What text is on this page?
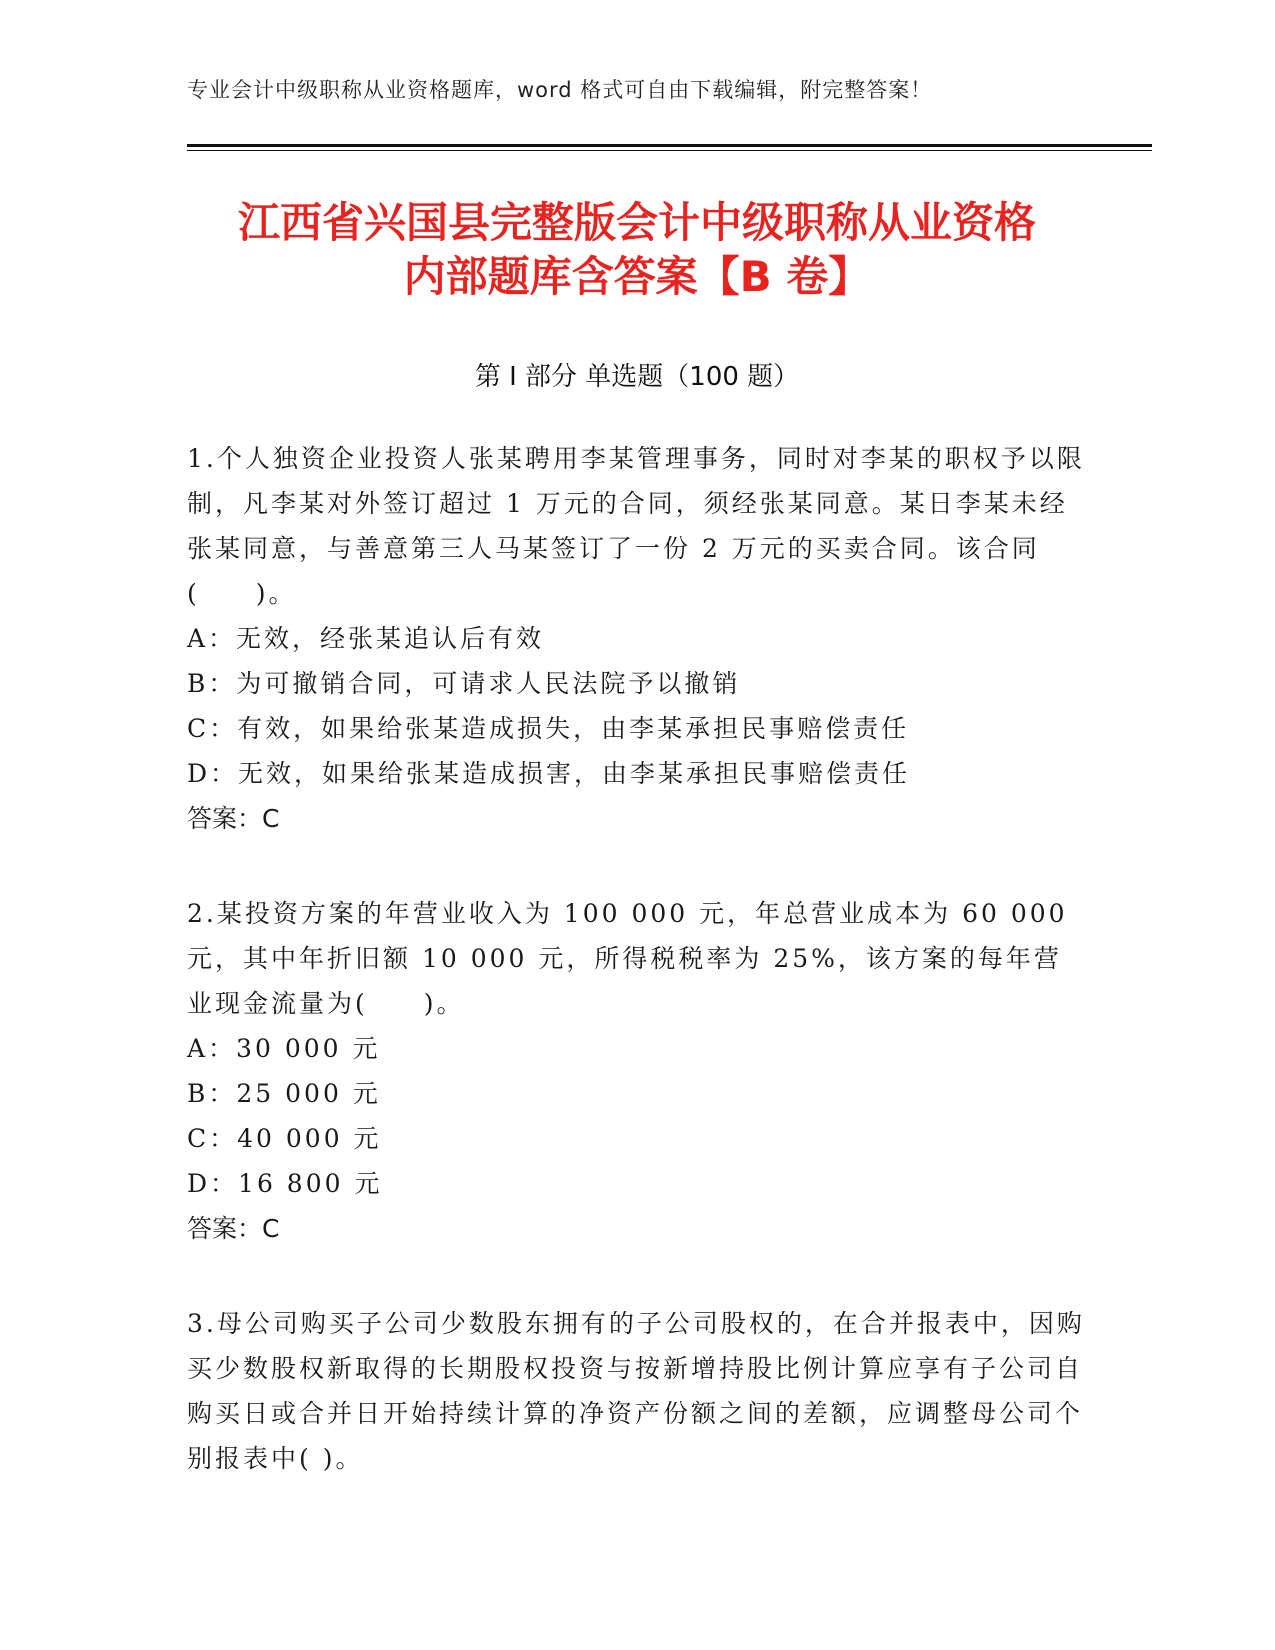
专业会计中级职称从业资格题库，word 格式可自由下载编辑，附完整答案！
江西省兴国县完整版会计中级职称从业资格
内部题库含答案【B 卷】
第 I 部分 单选题（100 题）

1.个人独资企业投资人张某聘用李某管理事务，同时对李某的职权予以限制，凡李某对外签订超过 1 万元的合同，须经张某同意。某日李某未经张某同意，与善意第三人马某签订了一份 2 万元的买卖合同。该合同(　　)。

A：无效，经张某追认后有效

B：为可撤销合同，可请求人民法院予以撤销

C：有效，如果给张某造成损失，由李某承担民事赔偿责任

D：无效，如果给张某造成损害，由李某承担民事赔偿责任

答案：C

2.某投资方案的年营业收入为 100 000 元，年总营业成本为 60 000 元，其中年折旧额 10 000 元，所得税税率为 25%，该方案的每年营业现金流量为(　　)。

A：30 000 元

B：25 000 元

C：40 000 元

D：16 800 元

答案：C

3.母公司购买子公司少数股东拥有的子公司股权的，在合并报表中，因购买少数股权新取得的长期股权投资与按新增持股比例计算应享有子公司自购买日或合并日开始持续计算的净资产份额之间的差额，应调整母公司个别报表中( )。
